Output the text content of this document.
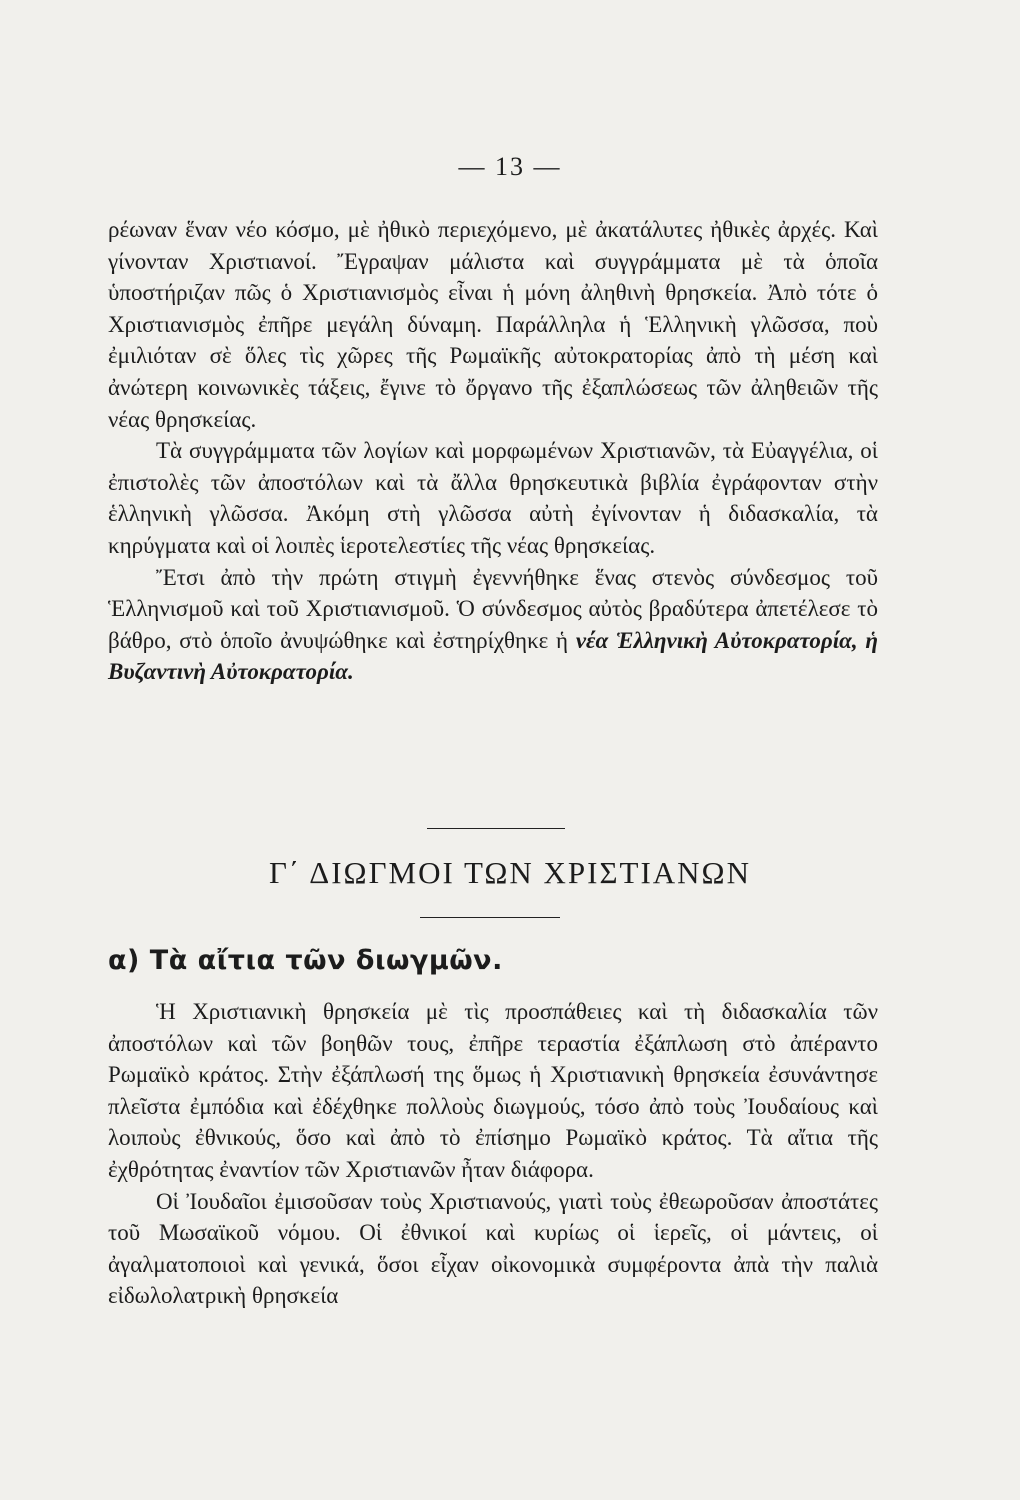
— 13 —

ρέωναν ἕναν νέο κόσμο, μὲ ἠθικὸ περιεχόμενο, μὲ ἀκατάλυτες ἠθικὲς ἀρχές. Καὶ γίνονταν Χριστιανοί. Ἔγραψαν μάλιστα καὶ συγγράμματα μὲ τὰ ὁποῖα ὑποστήριζαν πῶς ὁ Χριστιανισμὸς εἶναι ἡ μόνη ἀληθινὴ θρησκεία. Ἀπὸ τότε ὁ Χριστιανισμὸς ἐπῆρε μεγάλη δύναμη. Παράλληλα ἡ Ἑλληνικὴ γλῶσσα, ποὺ ἐμιλιόταν σὲ ὅλες τὶς χῶρες τῆς Ρωμαϊκῆς αὐτοκρατορίας ἀπὸ τὴ μέση καὶ ἀνώτερη κοινωνικὲς τάξεις, ἔγινε τὸ ὄργανο τῆς ἐξαπλώσεως τῶν ἀληθειῶν τῆς νέας θρησκείας.

Τὰ συγγράμματα τῶν λογίων καὶ μορφωμένων Χριστιανῶν, τὰ Εὐαγγέλια, οἱ ἐπιστολὲς τῶν ἀποστόλων καὶ τὰ ἄλλα θρησκευτικὰ βιβλία ἐγράφονταν στὴν ἑλληνικὴ γλῶσσα. Ἀκόμη στὴ γλῶσσα αὐτὴ ἐγίνονταν ἡ διδασκαλία, τὰ κηρύγματα καὶ οἱ λοιπὲς ἱεροτελεστίες τῆς νέας θρησκείας.

Ἔτσι ἀπὸ τὴν πρώτη στιγμὴ ἐγεννήθηκε ἕνας στενὸς σύνδεσμος τοῦ Ἑλληνισμοῦ καὶ τοῦ Χριστιανισμοῦ. Ὁ σύνδεσμος αὐτὸς βραδύτερα ἀπετέλεσε τὸ βάθρο, στὸ ὁποῖο ἀνυψώθηκε καὶ ἐστηρίχθηκε ἡ νέα Ἑλληνικὴ Αὐτοκρατορία, ἡ Βυζαντινὴ Αὐτοκρατορία.

Γ΄ ΔΙΩΓΜΟΙ ΤΩΝ ΧΡΙΣΤΙΑΝΩΝ
α) Τὰ αἴτια τῶν διωγμῶν.

Ἡ Χριστιανικὴ θρησκεία μὲ τὶς προσπάθειες καὶ τὴ διδασκαλία τῶν ἀποστόλων καὶ τῶν βοηθῶν τους, ἐπῆρε τεραστία ἐξάπλωση στὸ ἀπέραντο Ρωμαϊκὸ κράτος. Στὴν ἐξάπλωσή της ὅμως ἡ Χριστιανικὴ θρησκεία ἐσυνάντησε πλεῖστα ἐμπόδια καὶ ἐδέχθηκε πολλοὺς διωγμούς, τόσο ἀπὸ τοὺς Ἰουδαίους καὶ λοιποὺς ἐθνικούς, ὅσο καὶ ἀπὸ τὸ ἐπίσημο Ρωμαϊκὸ κράτος. Τὰ αἴτια τῆς ἐχθρότητας ἐναντίον τῶν Χριστιανῶν ἦταν διάφορα.

Οἱ Ἰουδαῖοι ἐμισοῦσαν τοὺς Χριστιανούς, γιατὶ τοὺς ἐθεωροῦσαν ἀποστάτες τοῦ Μωσαϊκοῦ νόμου. Οἱ ἐθνικοί καὶ κυρίως οἱ ἱερεῖς, οἱ μάντεις, οἱ ἀγαλματοποιοὶ καὶ γενικά, ὅσοι εἶχαν οἰκονομικὰ συμφέροντα ἀπὰ τὴν παλιὰ εἰδωλολατρικὴ θρησκεία
